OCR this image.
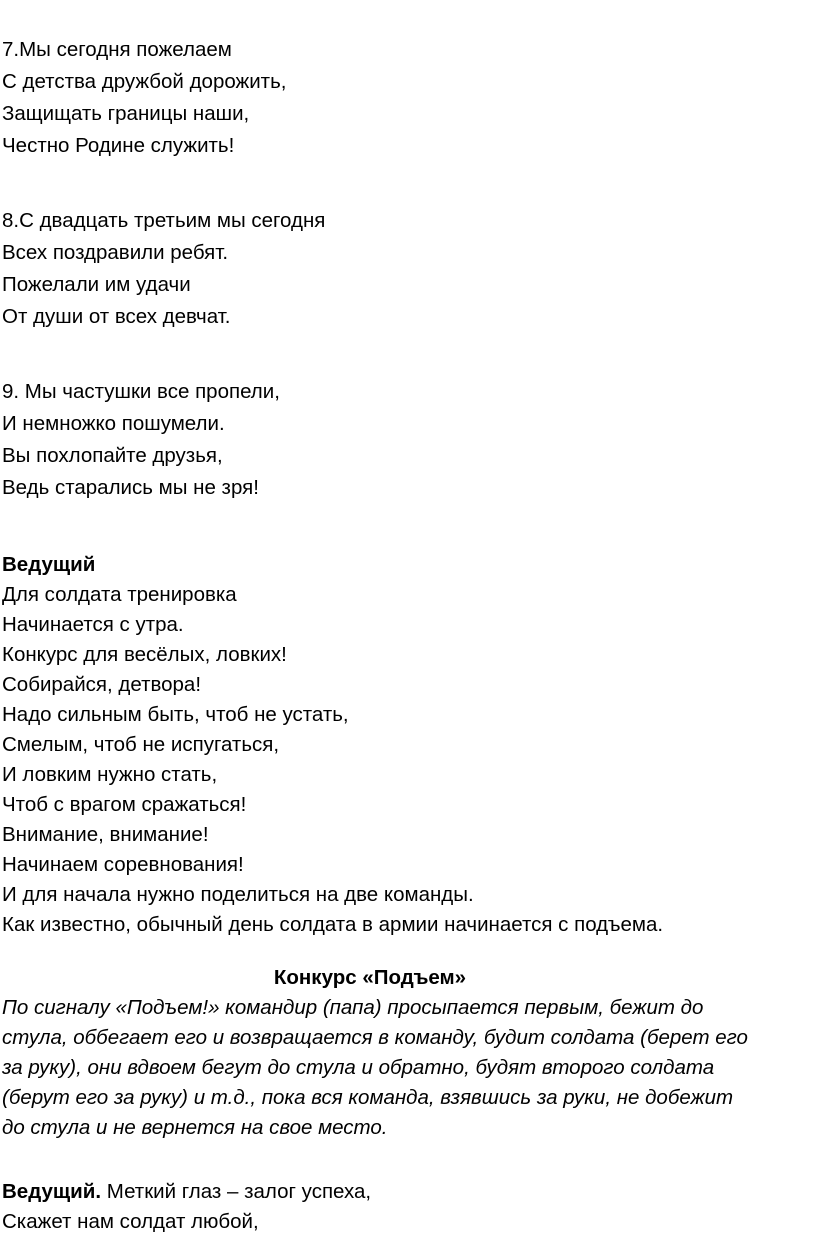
7.Мы сегодня пожелаем
С детства дружбой дорожить,
Защищать границы наши,
Честно Родине служить!
8.С двадцать третьим мы сегодня
Всех поздравили ребят.
Пожелали им удачи
От души от всех девчат.
9. Мы частушки все пропели,
И немножко пошумели.
Вы похлопайте друзья,
Ведь старались мы не зря!
Ведущий
Для солдата тренировка
Начинается с утра.
Конкурс для весёлых, ловких!
Собирайся, детвора!
Надо сильным быть, чтоб не устать,
Смелым, чтоб не испугаться,
И ловким нужно стать,
Чтоб с врагом сражаться!
Внимание, внимание!
Начинаем соревнования!
И для начала нужно поделиться на две команды.
Как известно, обычный день солдата в армии начинается с подъема.
Конкурс «Подъем»
По сигналу «Подъем!» командир (папа) просыпается первым, бежит до
стула, оббегает его и возвращается в команду, будит солдата (берет его
за руку), они вдвоем бегут до стула и обратно, будят второго солдата
(берут его за руку) и т.д., пока вся команда, взявшись за руки, не добежит
до стула и не вернется на свое место.
Ведущий. Меткий глаз – залог успеха,
Скажет нам солдат любой,
